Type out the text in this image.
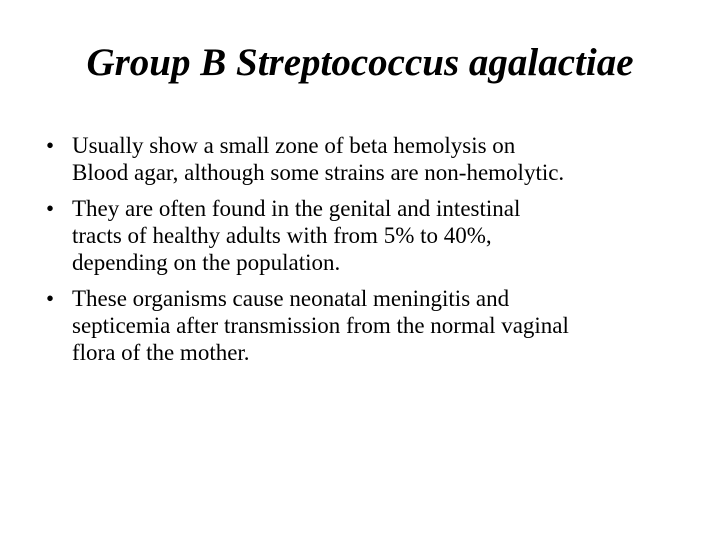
Group B Streptococcus agalactiae
• Usually show a small zone of beta hemolysis on
Blood agar, although some strains are non-hemolytic.
• They are often found in the genital and intestinal
tracts of healthy adults with from 5% to 40%,
depending on the population.
• These organisms cause neonatal meningitis and
septicemia after transmission from the normal vaginal
flora of the mother.
